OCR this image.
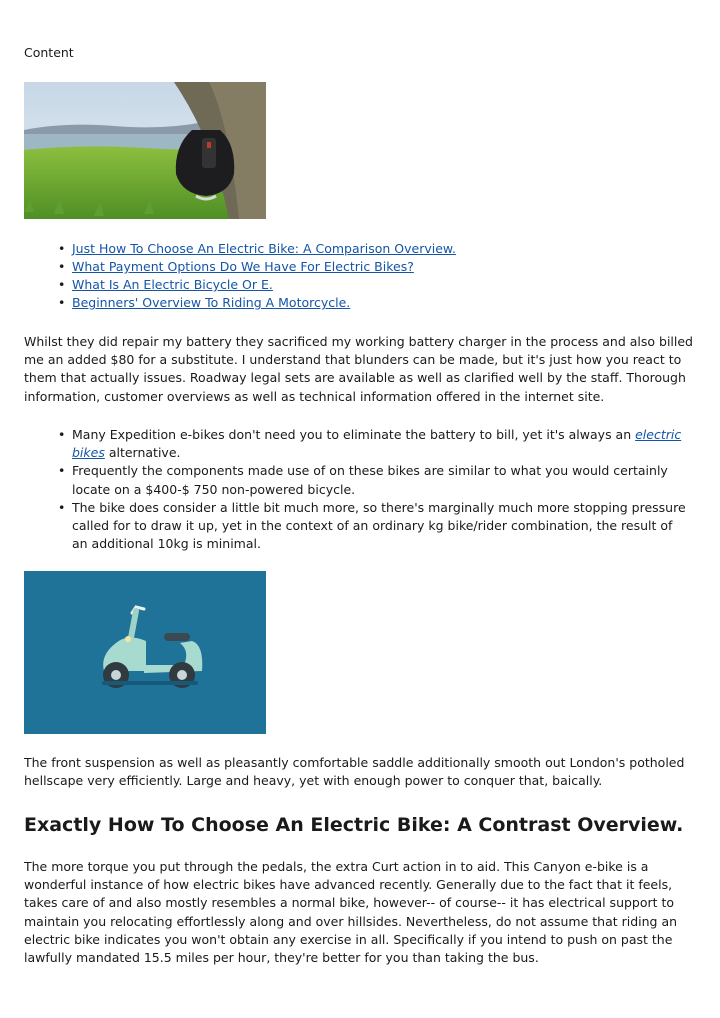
Content
• Just How To Choose An Electric Bike: A Comparison Overview.
• What Payment Options Do We Have For Electric Bikes?
• What Is An Electric Bicycle Or E.
• Beginners' Overview To Riding A Motorcycle.

Whilst they did repair my battery they sacrificed my working battery charger in the process and also billed me an added $80 for a substitute. I understand that blunders can be made, but it's just how you react to them that actually issues. Roadway legal sets are available as well as clarified well by the staff. Thorough information, customer overviews as well as technical information offered in the internet site.

• Many Expedition e-bikes don't need you to eliminate the battery to bill, yet it's always an electric bikes alternative.
• Frequently the components made use of on these bikes are similar to what you would certainly locate on a $400-$ 750 non-powered bicycle.
• The bike does consider a little bit much more, so there's marginally much more stopping pressure called for to draw it up, yet in the context of an ordinary kg bike/rider combination, the result of an additional 10kg is minimal.

The front suspension as well as pleasantly comfortable saddle additionally smooth out London's potholed hellscape very efficiently. Large and heavy, yet with enough power to conquer that, baically.

Exactly How To Choose An Electric Bike: A Contrast Overview.

The more torque you put through the pedals, the extra Curt action in to aid. This Canyon e-bike is a wonderful instance of how electric bikes have advanced recently. Generally due to the fact that it feels, takes care of and also mostly resembles a normal bike, however-- of course-- it has electrical support to maintain you relocating effortlessly along and over hillsides. Nevertheless, do not assume that riding an electric bike indicates you won't obtain any exercise in all. Specifically if you intend to push on past the lawfully mandated 15.5 miles per hour, they're better for you than taking the bus.
